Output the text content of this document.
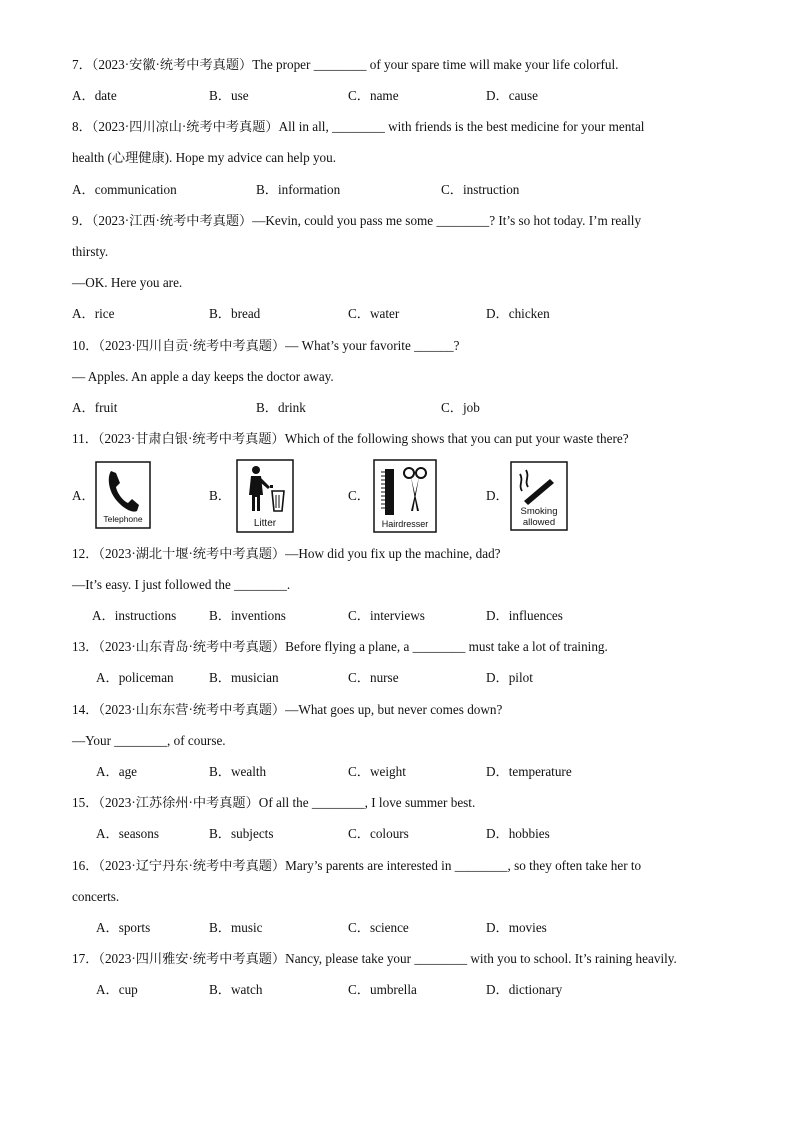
7．（2023·安徽·统考中考真题）The proper ________ of your spare time will make your life colorful.
A．date	B．use	C．name	D．cause
8．（2023·四川凉山·统考中考真题）All in all, ________ with friends is the best medicine for your mental
health (心理健康). Hope my advice can help you.
A．communication	B．information	C．instruction
9．（2023·江西·统考中考真题）—Kevin, could you pass me some ________? It’s so hot today. I’m really
thirsty.
—OK. Here you are.
A．rice	B．bread	C．water	D．chicken
10．（2023·四川自贡·统考中考真题）— What’s your favorite ______?
— Apples. An apple a day keeps the doctor away.
A．fruit	B．drink	C．job
11．（2023·甘肃白银·统考中考真题）Which of the following shows that you can put your waste there?
A．	B．	C．	D．
Telephone	Litter	Hairdresser
Smoking
allowed
12．（2023·湖北十堰·统考中考真题）—How did you fix up the machine, dad?
—It’s easy. I just followed the ________.
A．instructions B．inventions	C．interviews	D．influences
13．（2023·山东青岛·统考中考真题）Before flying a plane, a ________ must take a lot of training.
A．policeman	B．musician	C．nurse	D．pilot
14．（2023·山东东营·统考中考真题）—What goes up, but never comes down?
—Your ________, of course.
A．age	B．wealth	C．weight	D．temperature
15．（2023·江苏徐州·中考真题）Of all the ________, I love summer best.
A．seasons	B．subjects	C．colours	D．hobbies
16．（2023·辽宁丹东·统考中考真题）Mary’s parents are interested in ________, so they often take her to
concerts.
A．sports	B．music	C．science	D．movies
17．（2023·四川雅安·统考中考真题）Nancy, please take your ________ with you to school. It’s raining heavily.
A．cup	B．watch	C．umbrella	D．dictionary
